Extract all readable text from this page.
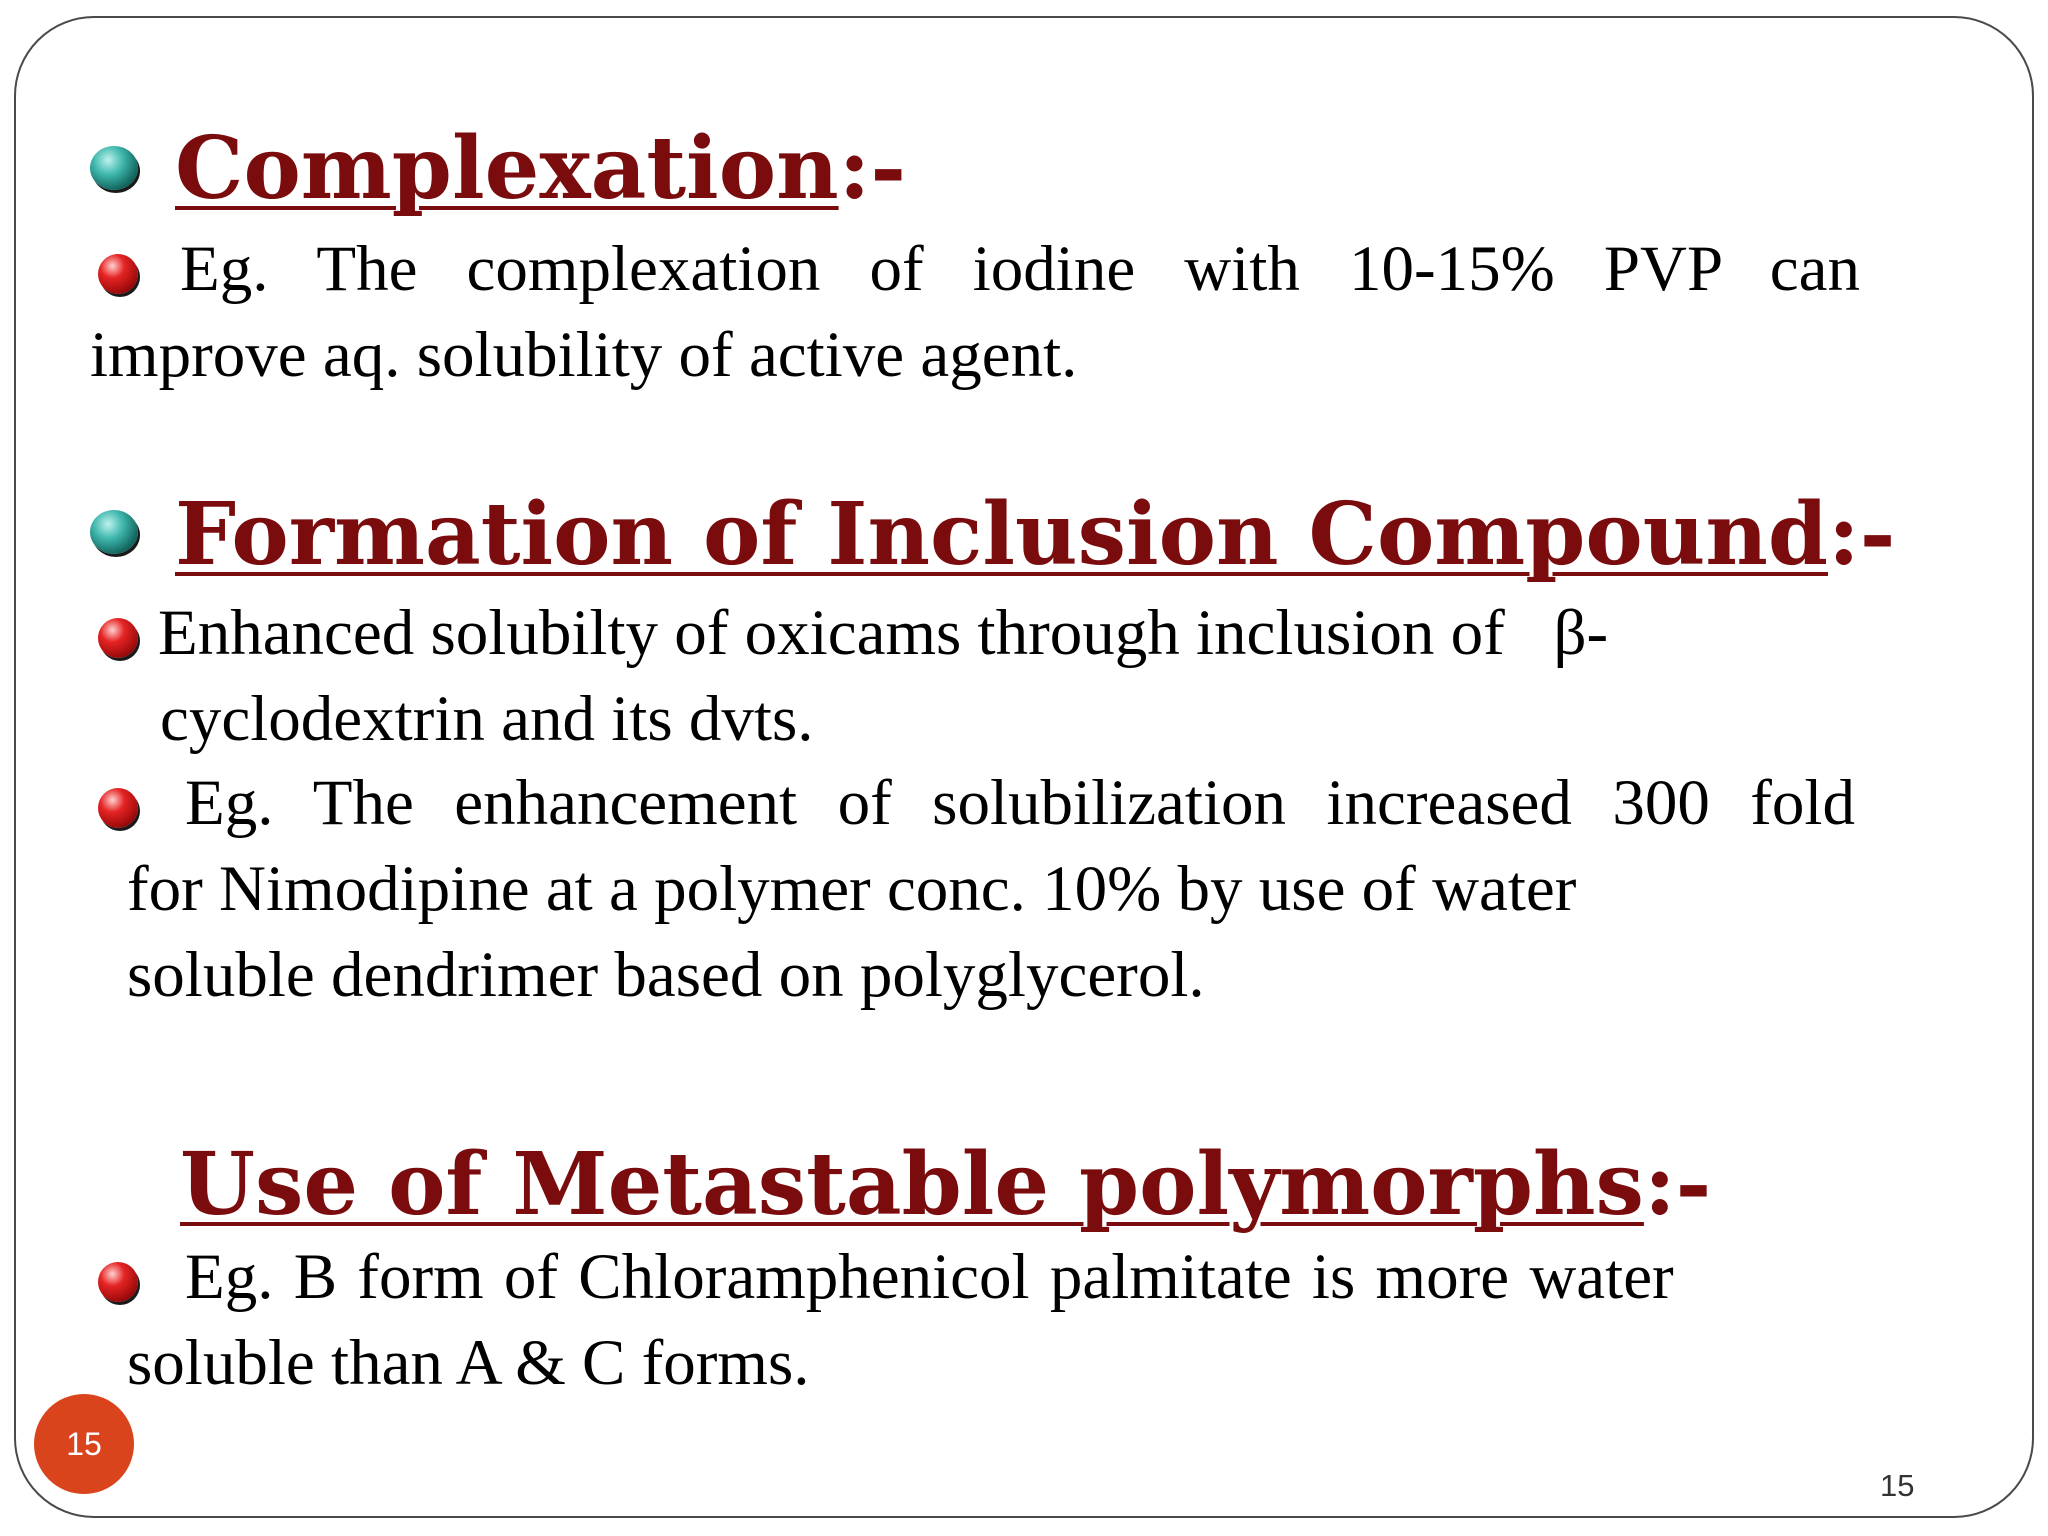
Complexation:-

Eg. The complexation of iodine with 10-15% PVP can

improve aq. solubility of active agent.

Formation of Inclusion Compound:-

Enhanced solubilty of oxicams through inclusion of   β-

cyclodextrin and its dvts.

Eg. The enhancement of solubilization increased 300 fold

for Nimodipine at a polymer conc. 10% by use of water

soluble dendrimer based on polyglycerol.

Use of Metastable polymorphs:-

Eg. B form of Chloramphenicol palmitate is more water

soluble than A & C forms.

15
15
